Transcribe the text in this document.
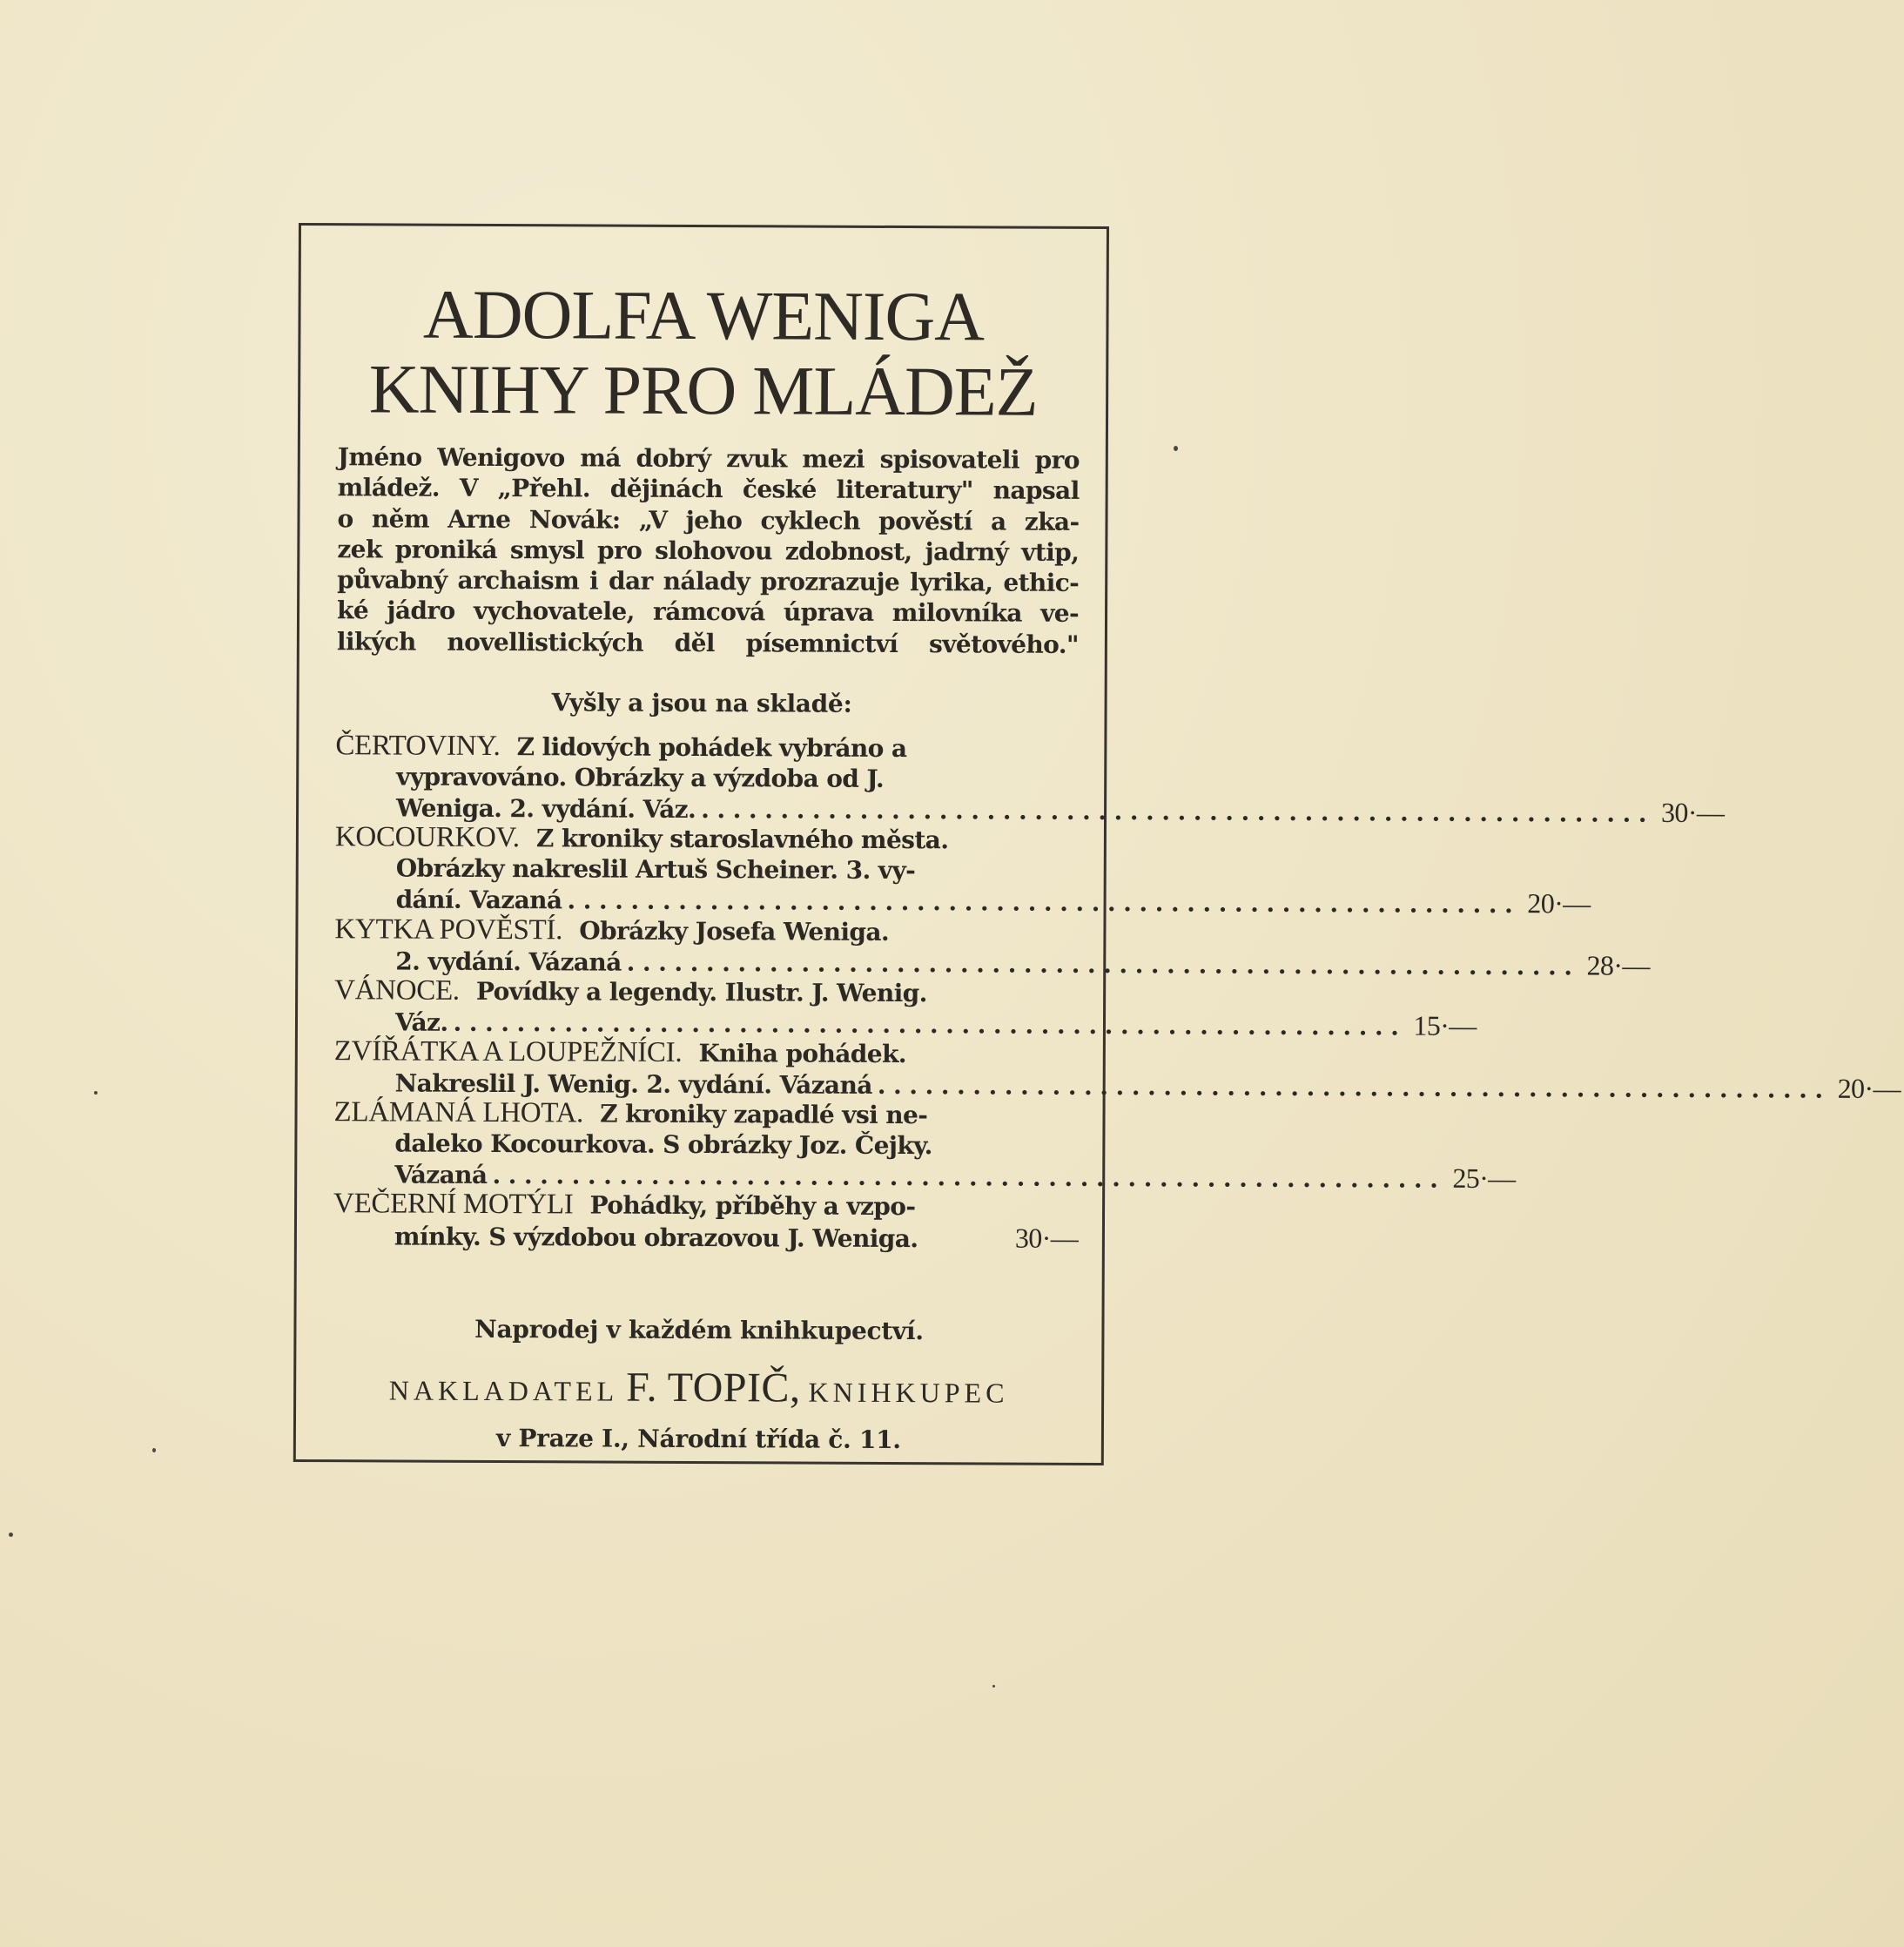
ADOLFA WENIGA
KNIHY PRO MLÁDEŽ
Jméno Wenigovo má dobrý zvuk mezi spisovateli pro
mládež. V „Přehl. dějinách české literatury" napsal
o něm Arne Novák: „V jeho cyklech pověstí a zka-
zek proniká smysl pro slohovou zdobnost, jadrný vtip,
půvabný archaism i dar nálady prozrazuje lyrika, ethic-
ké jádro vychovatele, rámcová úprava milovníka ve-
likých novellistických děl písemnictví světového."
Vyšly a jsou na skladě:
ČERTOVINY. Z lidových pohádek vybráno a
vypravováno. Obrázky a výzdoba od J.
Weniga. 2. vydání. Váz. ............................................................ 30·—
KOCOURKOV. Z kroniky staroslavného města.
Obrázky nakreslil Artuš Scheiner. 3. vy-
dání. Vazaná ............................................................ 20·—
KYTKA POVĚSTÍ. Obrázky Josefa Weniga.
2. vydání. Vázaná ............................................................ 28·—
VÁNOCE. Povídky a legendy. Ilustr. J. Wenig.
Váz. ............................................................ 15·—
ZVÍŘÁTKA A LOUPEŽNÍCI. Kniha pohádek.
Nakreslil J. Wenig. 2. vydání. Vázaná ............................................................ 20·—
ZLÁMANÁ LHOTA. Z kroniky zapadlé vsi ne-
daleko Kocourkova. S obrázky Joz. Čejky.
Vázaná ............................................................ 25·—
VEČERNÍ MOTÝLI Pohádky, příběhy a vzpo-
mínky. S výzdobou obrazovou J. Weniga.	30·—
Naprodej v každém knihkupectví.
NAKLADATEL F. TOPIČ, KNIHKUPEC
v Praze I., Národní třída č. 11.
